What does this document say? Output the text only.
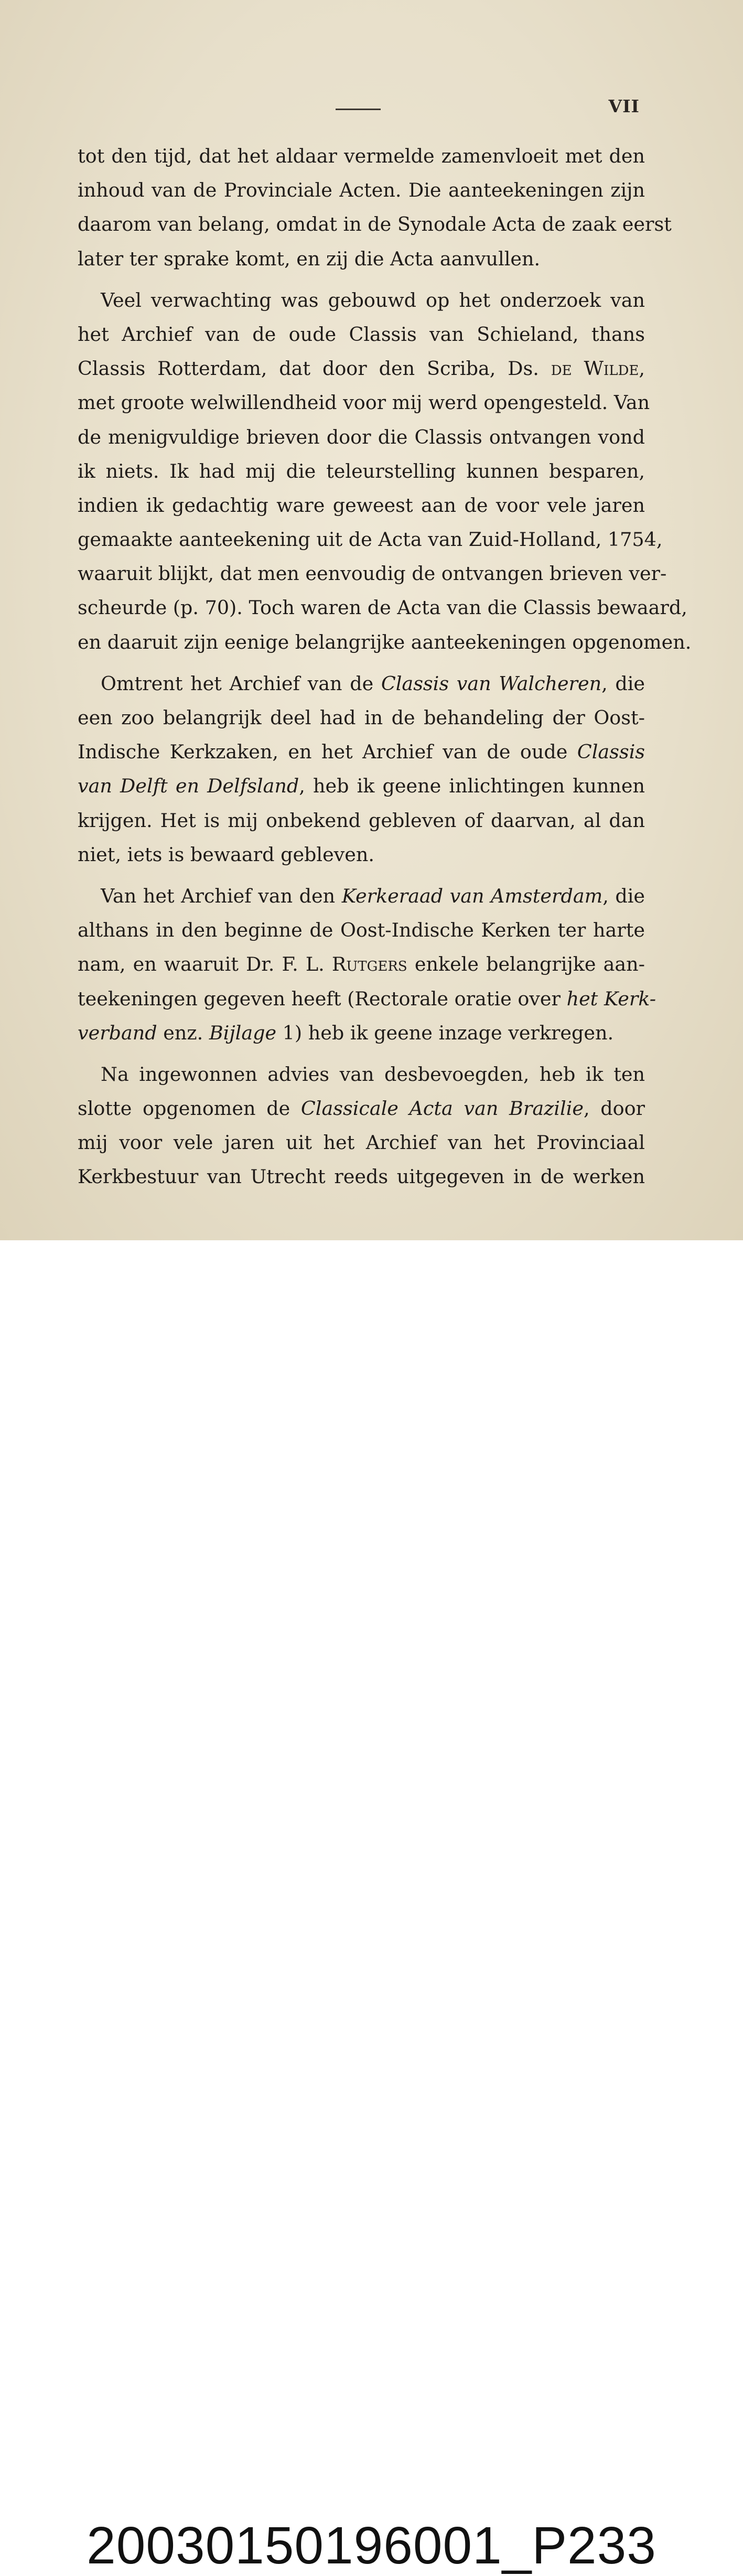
VII
tot den tijd, dat het aldaar vermelde zamenvloeit met den
inhoud van de Provinciale Acten. Die aanteekeningen zijn
daarom van belang, omdat in de Synodale Acta de zaak eerst
later ter sprake komt, en zij die Acta aanvullen.
Veel verwachting was gebouwd op het onderzoek van
het Archief van de oude Classis van Schieland, thans
Classis Rotterdam, dat door den Scriba, Ds. de Wilde,
met groote welwillendheid voor mij werd opengesteld. Van
de menigvuldige brieven door die Classis ontvangen vond
ik niets. Ik had mij die teleurstelling kunnen besparen,
indien ik gedachtig ware geweest aan de voor vele jaren
gemaakte aanteekening uit de Acta van Zuid-Holland, 1754,
waaruit blijkt, dat men eenvoudig de ontvangen brieven ver-
scheurde (p. 70). Toch waren de Acta van die Classis bewaard,
en daaruit zijn eenige belangrijke aanteekeningen opgenomen.
Omtrent het Archief van de Classis van Walcheren, die
een zoo belangrijk deel had in de behandeling der Oost-
Indische Kerkzaken, en het Archief van de oude Classis
van Delft en Delfsland, heb ik geene inlichtingen kunnen
krijgen. Het is mij onbekend gebleven of daarvan, al dan
niet, iets is bewaard gebleven.
Van het Archief van den Kerkeraad van Amsterdam, die
althans in den beginne de Oost-Indische Kerken ter harte
nam, en waaruit Dr. F. L. Rutgers enkele belangrijke aan-
teekeningen gegeven heeft (Rectorale oratie over het Kerk-
verband enz. Bijlage 1) heb ik geene inzage verkregen.
Na ingewonnen advies van desbevoegden, heb ik ten
slotte opgenomen de Classicale Acta van Brazilie, door
mij voor vele jaren uit het Archief van het Provinciaal
Kerkbestuur van Utrecht reeds uitgegeven in de werken
20030150196001_P233
